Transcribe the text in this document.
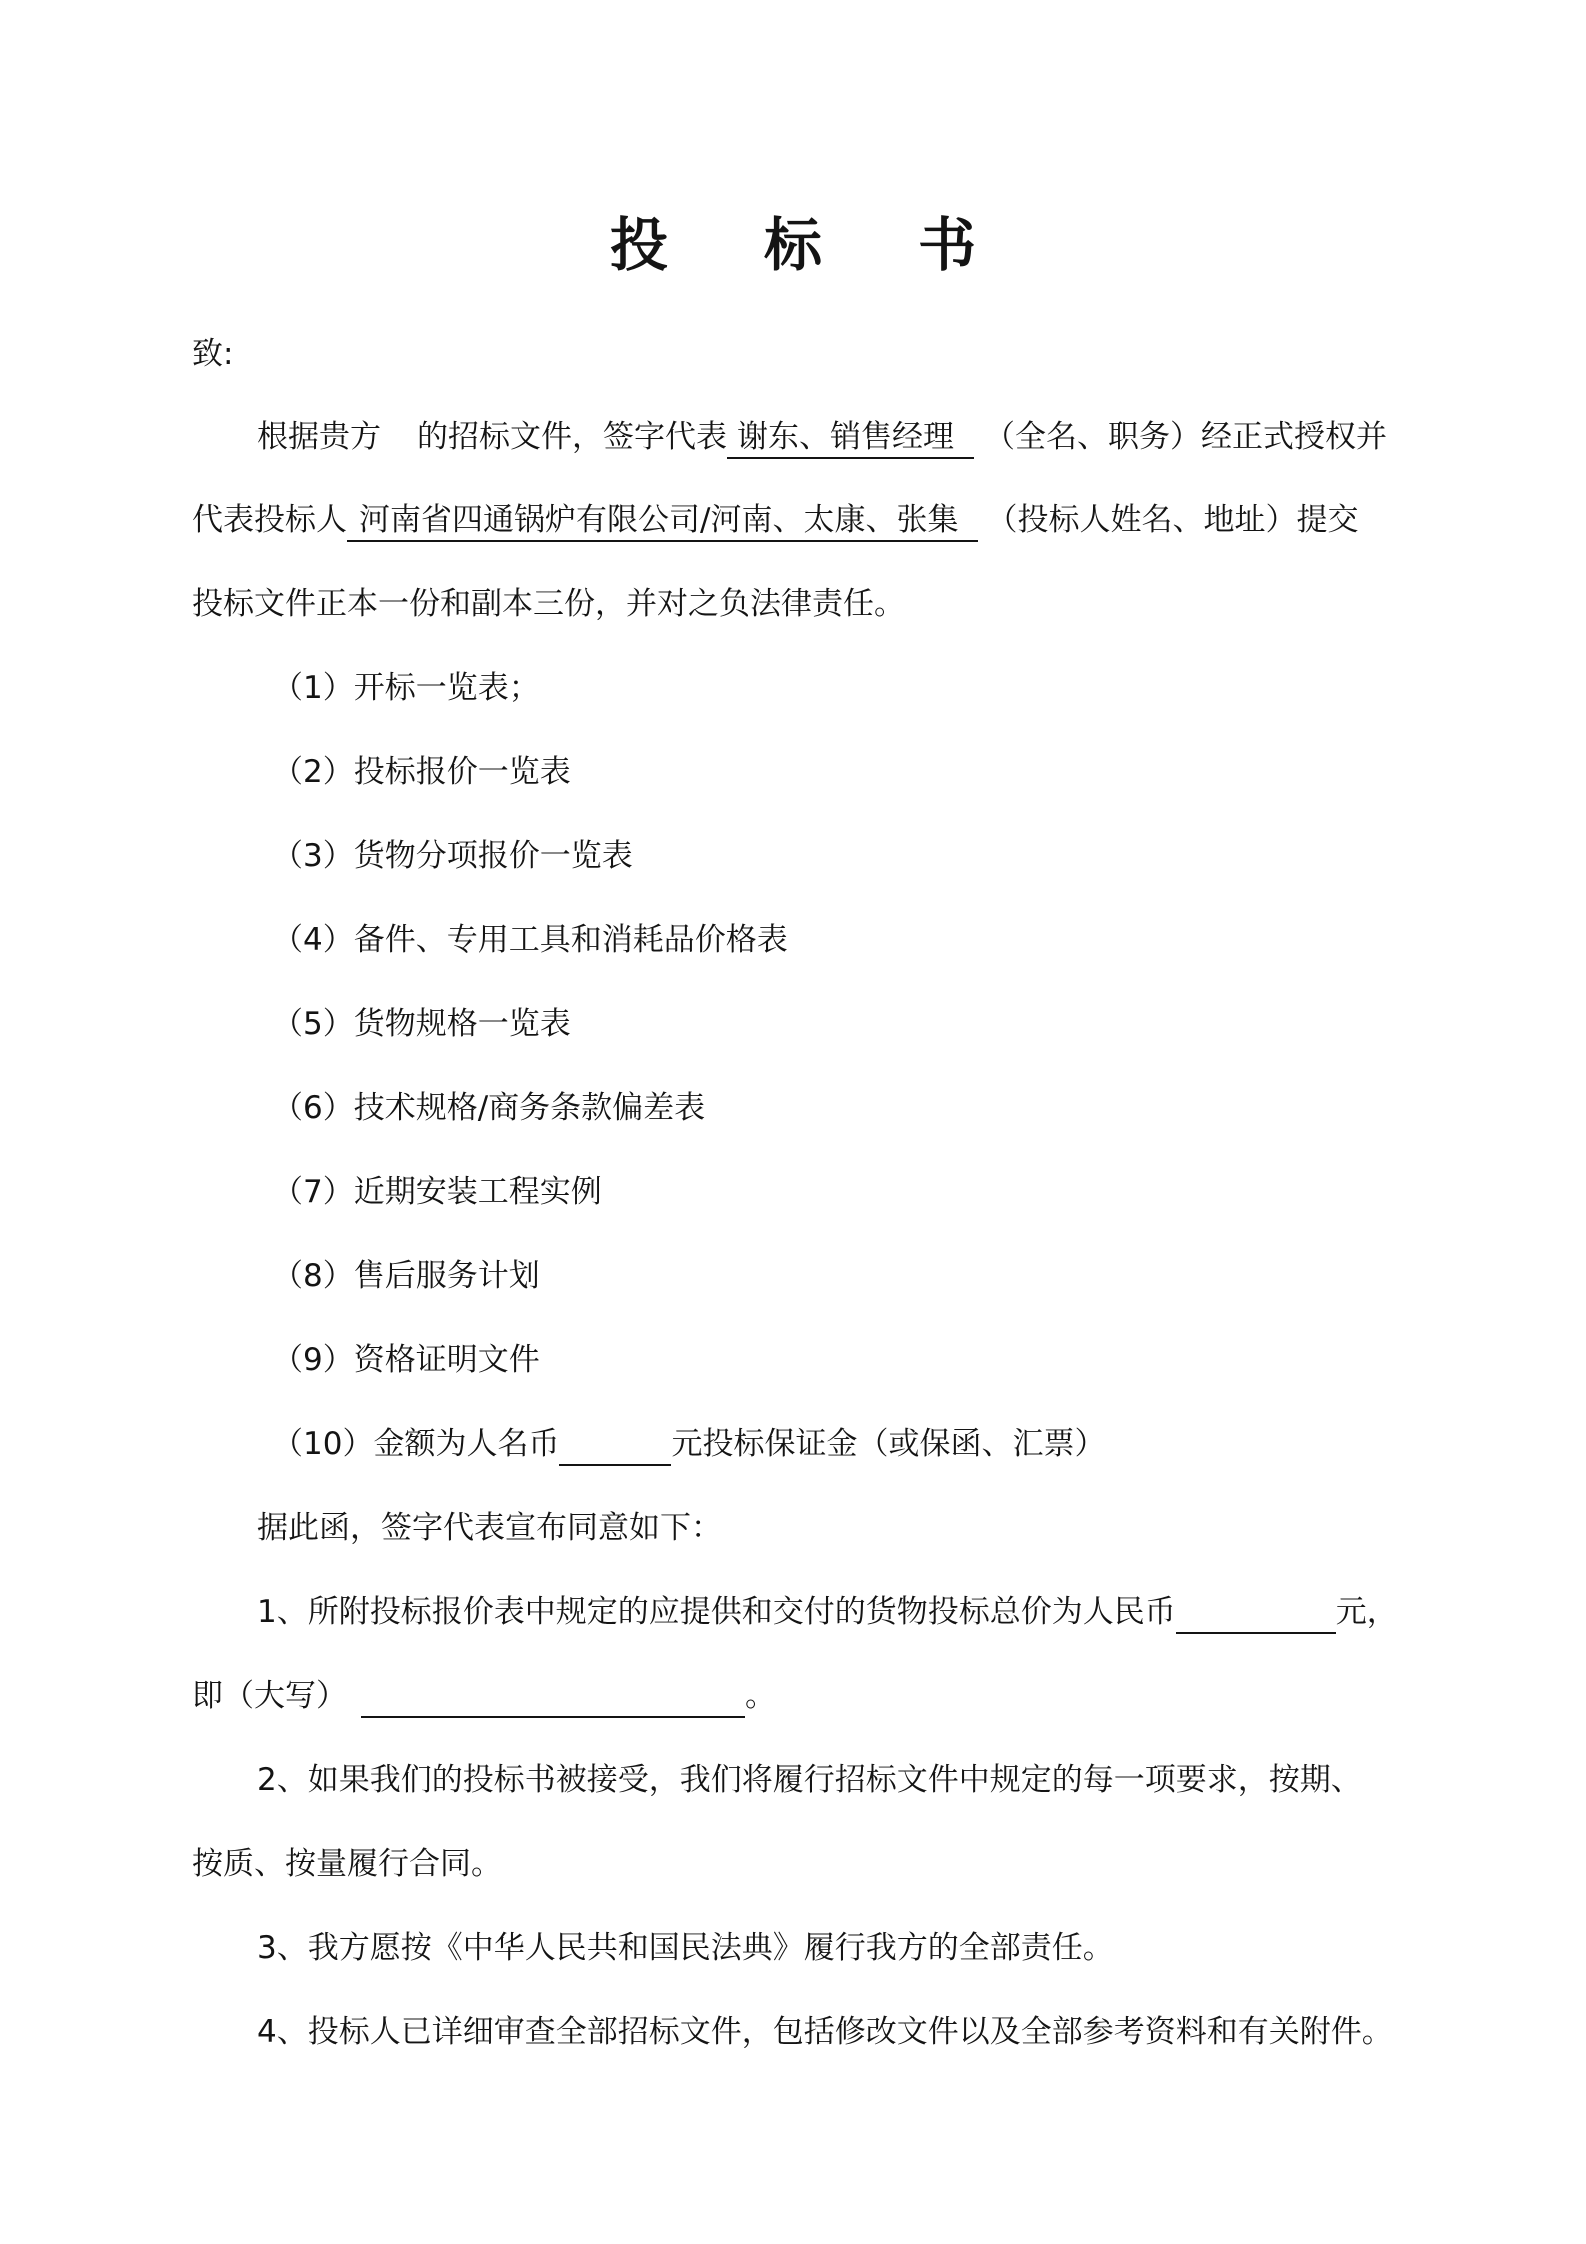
投 标 书
致:
根据贵方 的招标文件，签字代表 谢东、销售经理 （全名、职务）经正式授权并
代表投标人 河南省四通锅炉有限公司/河南、太康、张集 （投标人姓名、地址）提交
投标文件正本一份和副本三份，并对之负法律责任。
（1）开标一览表；
（2）投标报价一览表
（3）货物分项报价一览表
（4）备件、专用工具和消耗品价格表
（5）货物规格一览表
（6）技术规格/商务条款偏差表
（7）近期安装工程实例
（8）售后服务计划
（9）资格证明文件
（10）金额为人名币	元投标保证金（或保函、汇票）
据此函，签字代表宣布同意如下：
1、所附投标报价表中规定的应提供和交付的货物投标总价为人民币	元，
即（大写）	。
2、如果我们的投标书被接受，我们将履行招标文件中规定的每一项要求，按期、
按质、按量履行合同。
3、我方愿按《中华人民共和国民法典》履行我方的全部责任。
4、投标人已详细审查全部招标文件，包括修改文件以及全部参考资料和有关附件。
